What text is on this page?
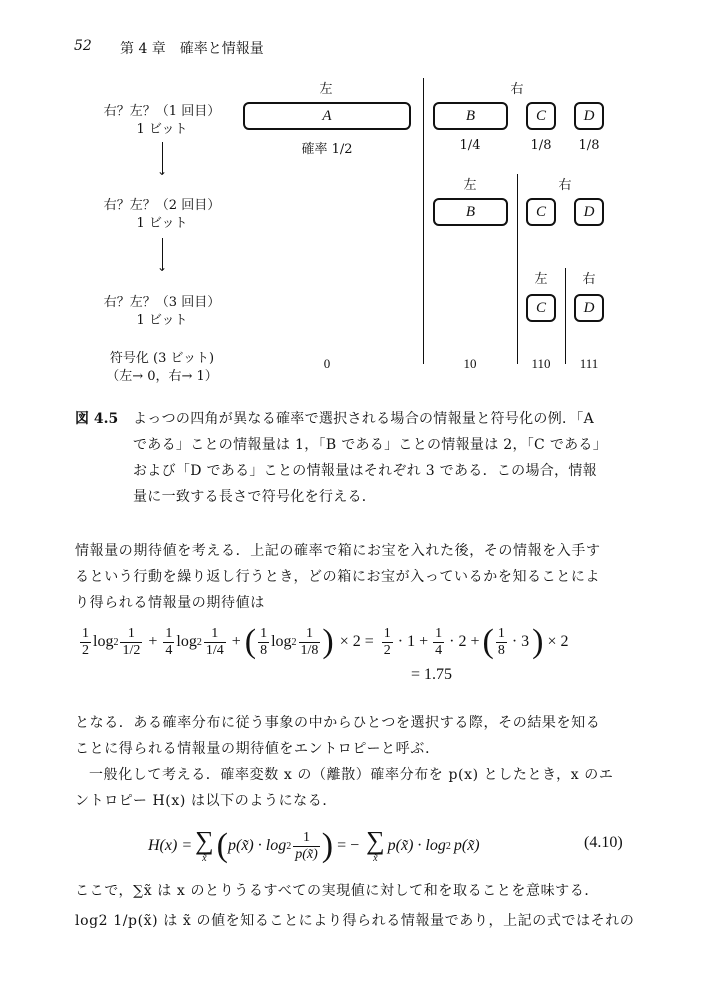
52 第 4 章　確率と情報量
左	右
右？左？（1 回目）
1 ビット
⌄
A	B	C	D
確率 1/2	1/4	1/8 1/8
左	右
右？左？（2 回目）
1 ビット
⌄
B	C	D
左	右
右？左？（3 回目）
1 ビット
C	D
符号化 (3 ビット)
（左→ 0，右→ 1）
0	10	110 111
図 4.5 よっつの四角が異なる確率で選択される場合の情報量と符号化の例．「A
である」ことの情報量は 1，「B である」ことの情報量は 2，「C である」
および「D である」ことの情報量はそれぞれ 3 である．この場合，情報
量に一致する長さで符号化を行える．
情報量の期待値を考える．上記の確率で箱にお宝を入れた後，その情報を入手す
るという行動を繰り返し行うとき，どの箱にお宝が入っているかを知ることによ
り得られる情報量の期待値は
$\frac{1}{2}$ $\log 2 \frac{1}{1/2} + \frac{1}{4}$ $\log 2 \frac{1}{1/4}$ + ( $\frac{1}{8}$ $\log 2 \frac{1}{1/8}$ ) × $2 = \frac{1}{2} \cdot 1 + \frac{1}{4} \cdot 2$ + ( $\frac{1}{8} \cdot 3$ ) × 2
= 1.75
となる．ある確率分布に従う事象の中からひとつを選択する際，その結果を知る
ことに得られる情報量の期待値をエントロピーと呼ぶ．
一般化して考える．確率変数 x の（離散）確率分布を p(x) としたとき，x のエ
ントロピー H(x) は以下のようになる．
H(x) = ∑
x̃ ( p(x̃) · $\log 2 \frac{1}{p(x̃)}$ ) = − ∑
x̃
p(x̃) · log 2 p(x̃)	(4.10)
ここで，∑x̃ は x のとりうるすべての実現値に対して和を取ることを意味する．
log2 1/p(x̃) は x̃ の値を知ることにより得られる情報量であり，上記の式ではそれの
